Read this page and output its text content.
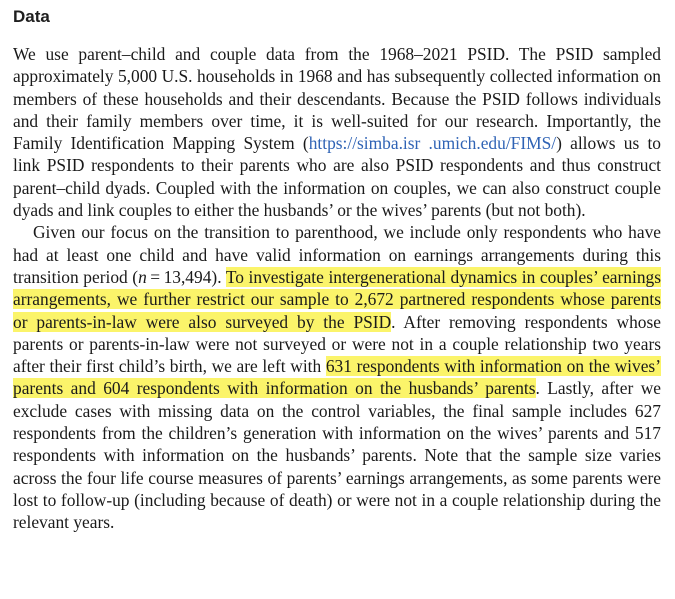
Data

We use parent–child and couple data from the 1968–2021 PSID. The PSID sampled approximately 5,000 U.S. households in 1968 and has subsequently collected information on members of these households and their descendants. Because the PSID follows individuals and their family members over time, it is well-suited for our research. Importantly, the Family Identification Mapping System (https://simba.isr .umich.edu/FIMS/) allows us to link PSID respondents to their parents who are also PSID respondents and thus construct parent–child dyads. Coupled with the information on couples, we can also construct couple dyads and link couples to either the husbands’ or the wives’ parents (but not both).

Given our focus on the transition to parenthood, we include only respondents who have had at least one child and have valid information on earnings arrangements during this transition period (n = 13,494). To investigate intergenerational dynamics in couples’ earnings arrangements, we further restrict our sample to 2,672 partnered respondents whose parents or parents-in-law were also surveyed by the PSID. After removing respondents whose parents or parents-in-law were not surveyed or were not in a couple relationship two years after their first child’s birth, we are left with 631 respondents with information on the wives’ parents and 604 respondents with information on the husbands’ parents. Lastly, after we exclude cases with missing data on the control variables, the final sample includes 627 respondents from the children’s generation with information on the wives’ parents and 517 respondents with information on the husbands’ parents. Note that the sample size varies across the four life course measures of parents’ earnings arrangements, as some parents were lost to follow-up (including because of death) or were not in a couple relationship during the relevant years.
